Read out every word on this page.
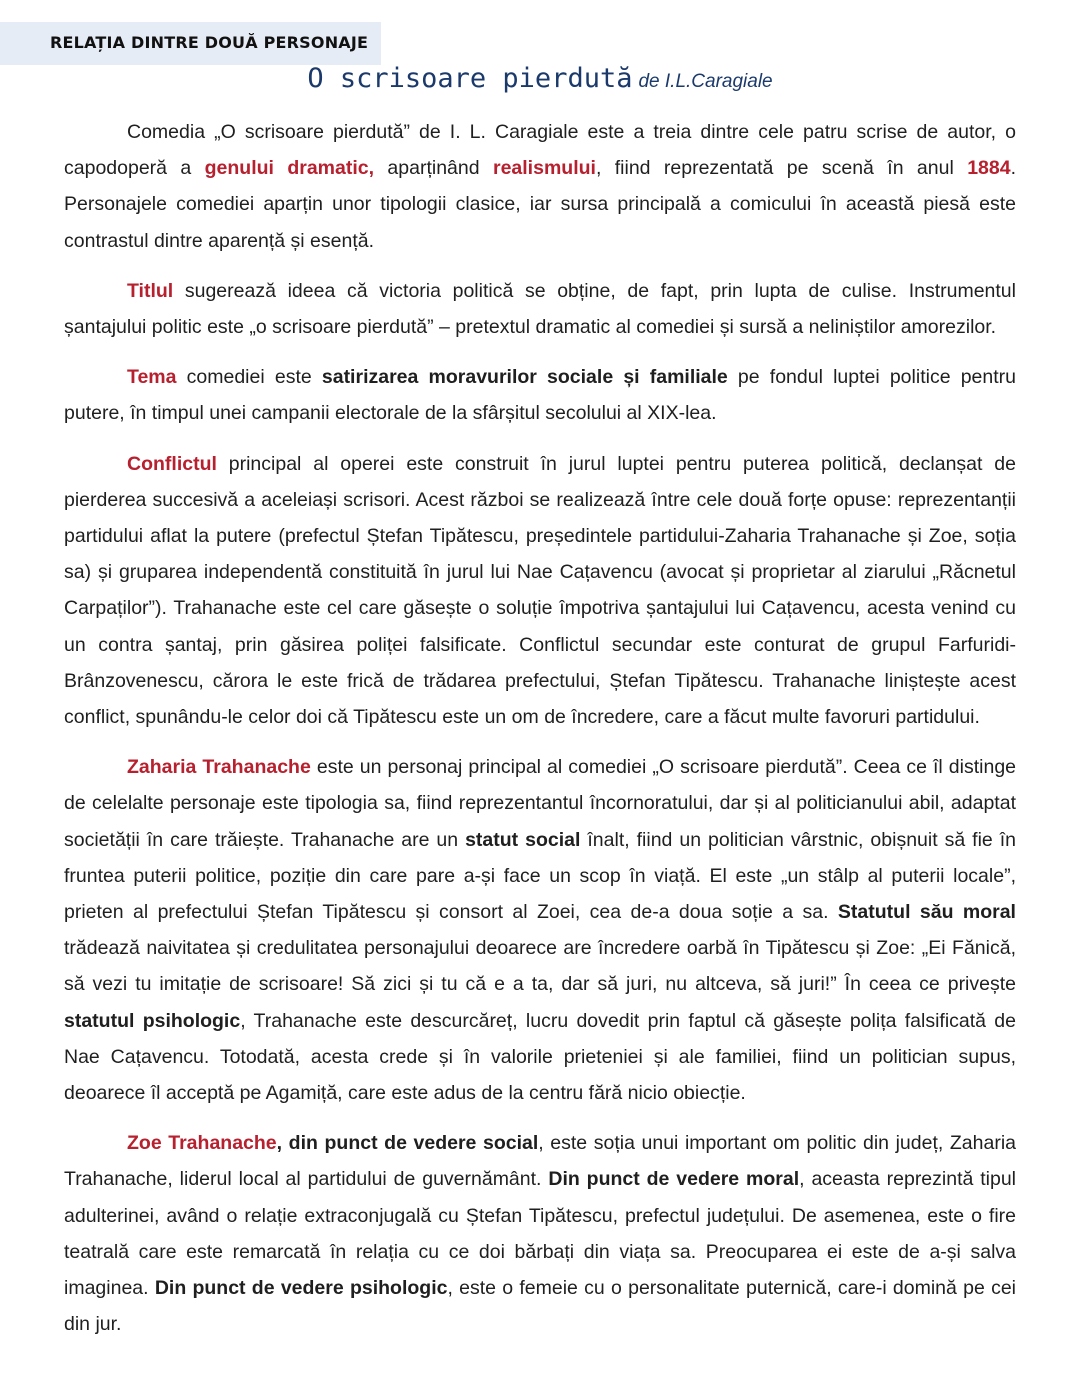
RELAȚIA DINTRE DOUĂ PERSONAJE
O scrisoare pierdută de I.L.Caragiale

Comedia „O scrisoare pierdută” de I. L. Caragiale este a treia dintre cele patru scrise de autor, o capodoperă a genului dramatic, aparținând realismului, fiind reprezentată pe scenă în anul 1884. Personajele comediei aparțin unor tipologii clasice, iar sursa principală a comicului în această piesă este contrastul dintre aparență și esență.

Titlul sugerează ideea că victoria politică se obține, de fapt, prin lupta de culise. Instrumentul șantajului politic este „o scrisoare pierdută” – pretextul dramatic al comediei și sursă a neliniștilor amorezilor.

Tema comediei este satirizarea moravurilor sociale și familiale pe fondul luptei politice pentru putere, în timpul unei campanii electorale de la sfârșitul secolului al XIX-lea.

Conflictul principal al operei este construit în jurul luptei pentru puterea politică, declanșat de pierderea succesivă a aceleiași scrisori. Acest război se realizează între cele două forțe opuse: reprezentanții partidului aflat la putere (prefectul Ștefan Tipătescu, președintele partidului-Zaharia Trahanache și Zoe, soția sa) și gruparea independentă constituită în jurul lui Nae Cațavencu (avocat și proprietar al ziarului „Răcnetul Carpaților”). Trahanache este cel care găsește o soluție împotriva șantajului lui Cațavencu, acesta venind cu un contra șantaj, prin găsirea poliței falsificate. Conflictul secundar este conturat de grupul Farfuridi-Brânzovenescu, cărora le este frică de trădarea prefectului, Ștefan Tipătescu. Trahanache liniștește acest conflict, spunându-le celor doi că Tipătescu este un om de încredere, care a făcut multe favoruri partidului.

Zaharia Trahanache este un personaj principal al comediei „O scrisoare pierdută”. Ceea ce îl distinge de celelalte personaje este tipologia sa, fiind reprezentantul încornoratului, dar și al politicianului abil, adaptat societății în care trăiește. Trahanache are un statut social înalt, fiind un politician vârstnic, obișnuit să fie în fruntea puterii politice, poziție din care pare a-și face un scop în viață. El este „un stâlp al puterii locale”, prieten al prefectului Ștefan Tipătescu și consort al Zoei, cea de-a doua soție a sa. Statutul său moral trădează naivitatea și credulitatea personajului deoarece are încredere oarbă în Tipătescu și Zoe: „Ei Fănică, să vezi tu imitație de scrisoare! Să zici și tu că e a ta, dar să juri, nu altceva, să juri!” În ceea ce privește statutul psihologic, Trahanache este descurcăreț, lucru dovedit prin faptul că găsește polița falsificată de Nae Cațavencu. Totodată, acesta crede și în valorile prieteniei și ale familiei, fiind un politician supus, deoarece îl acceptă pe Agamiță, care este adus de la centru fără nicio obiecție.

Zoe Trahanache, din punct de vedere social, este soția unui important om politic din județ, Zaharia Trahanache, liderul local al partidului de guvernământ. Din punct de vedere moral, aceasta reprezintă tipul adulterinei, având o relație extraconjugală cu Ștefan Tipătescu, prefectul județului. De asemenea, este o fire teatrală care este remarcată în relația cu ce doi bărbați din viața sa. Preocuparea ei este de a-și salva imaginea. Din punct de vedere psihologic, este o femeie cu o personalitate puternică, care-i domină pe cei din jur.
